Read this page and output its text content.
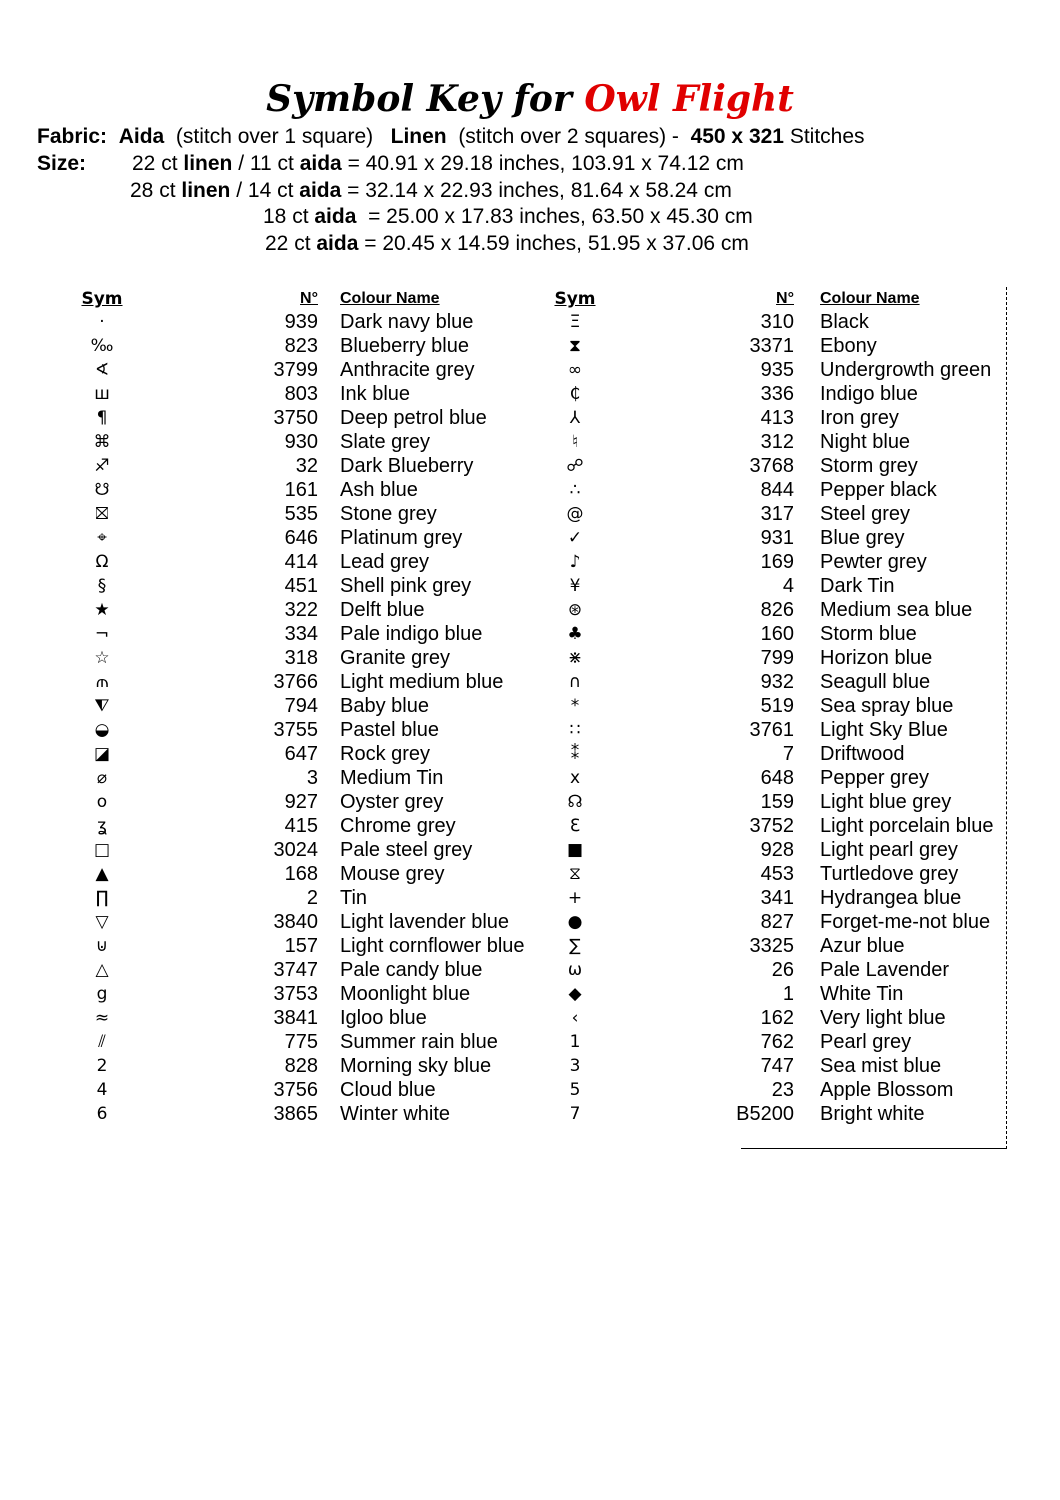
Symbol Key for Owl Flight
Fabric: Aida (stitch over 1 square) Linen (stitch over 2 squares) - 450 x 321 Stitches
Size: 22 ct linen / 11 ct aida = 40.91 x 29.18 inches, 103.91 x 74.12 cm
28 ct linen / 14 ct aida = 32.14 x 22.93 inches, 81.64 x 58.24 cm
18 ct aida  = 25.00 x 17.83 inches, 63.50 x 45.30 cm
22 ct aida = 20.45 x 14.59 inches, 51.95 x 37.06 cm
Sym	N°	Colour Name
·	939	Dark navy blue
‰	823	Blueberry blue
∢	3799	Anthracite grey
ш	803	Ink blue
¶	3750	Deep petrol blue
⌘	930	Slate grey
♐	32	Dark Blueberry
☋	161	Ash blue
⛝	535	Stone grey
⌖	646	Platinum grey
Ω	414	Lead grey
§	451	Shell pink grey
★	322	Delft blue
¬	334	Pale indigo blue
☆	318	Granite grey
⫙	3766	Light medium blue
⧨	794	Baby blue
◒	3755	Pastel blue
◪	647	Rock grey
⌀	3	Medium Tin
o	927	Oyster grey
ʓ	415	Chrome grey
□	3024	Pale steel grey
▲	168	Mouse grey
∏	2	Tin
▽	3840	Light lavender blue
⊍	157	Light cornflower blue
△	3747	Pale candy blue
g	3753	Moonlight blue
≈	3841	Igloo blue
⫽	775	Summer rain blue
2	828	Morning sky blue
4	3756	Cloud blue
6	3865	Winter white
Sym	N°	Colour Name
Ξ	310	Black
⧗	3371	Ebony
∞	935	Undergrowth green
₵	336	Indigo blue
⅄	413	Iron grey
♮	312	Night blue
☍	3768	Storm grey
∴	844	Pepper black
@	317	Steel grey
✓	931	Blue grey
♪	169	Pewter grey
¥	4	Dark Tin
⊛	826	Medium sea blue
♣	160	Storm blue
⋇	799	Horizon blue
∩	932	Seagull blue
*	519	Sea spray blue
∷	3761	Light Sky Blue
⁑	7	Driftwood
x	648	Pepper grey
☊	159	Light blue grey
ℇ	3752	Light porcelain blue
■	928	Light pearl grey
⧖	453	Turtledove grey
+	341	Hydrangea blue
●	827	Forget-me-not blue
∑	3325	Azur blue
ω	26	Pale Lavender
◆	1	White Tin
‹	162	Very light blue
1	762	Pearl grey
3	747	Sea mist blue
5	23	Apple Blossom
7	B5200	Bright white
